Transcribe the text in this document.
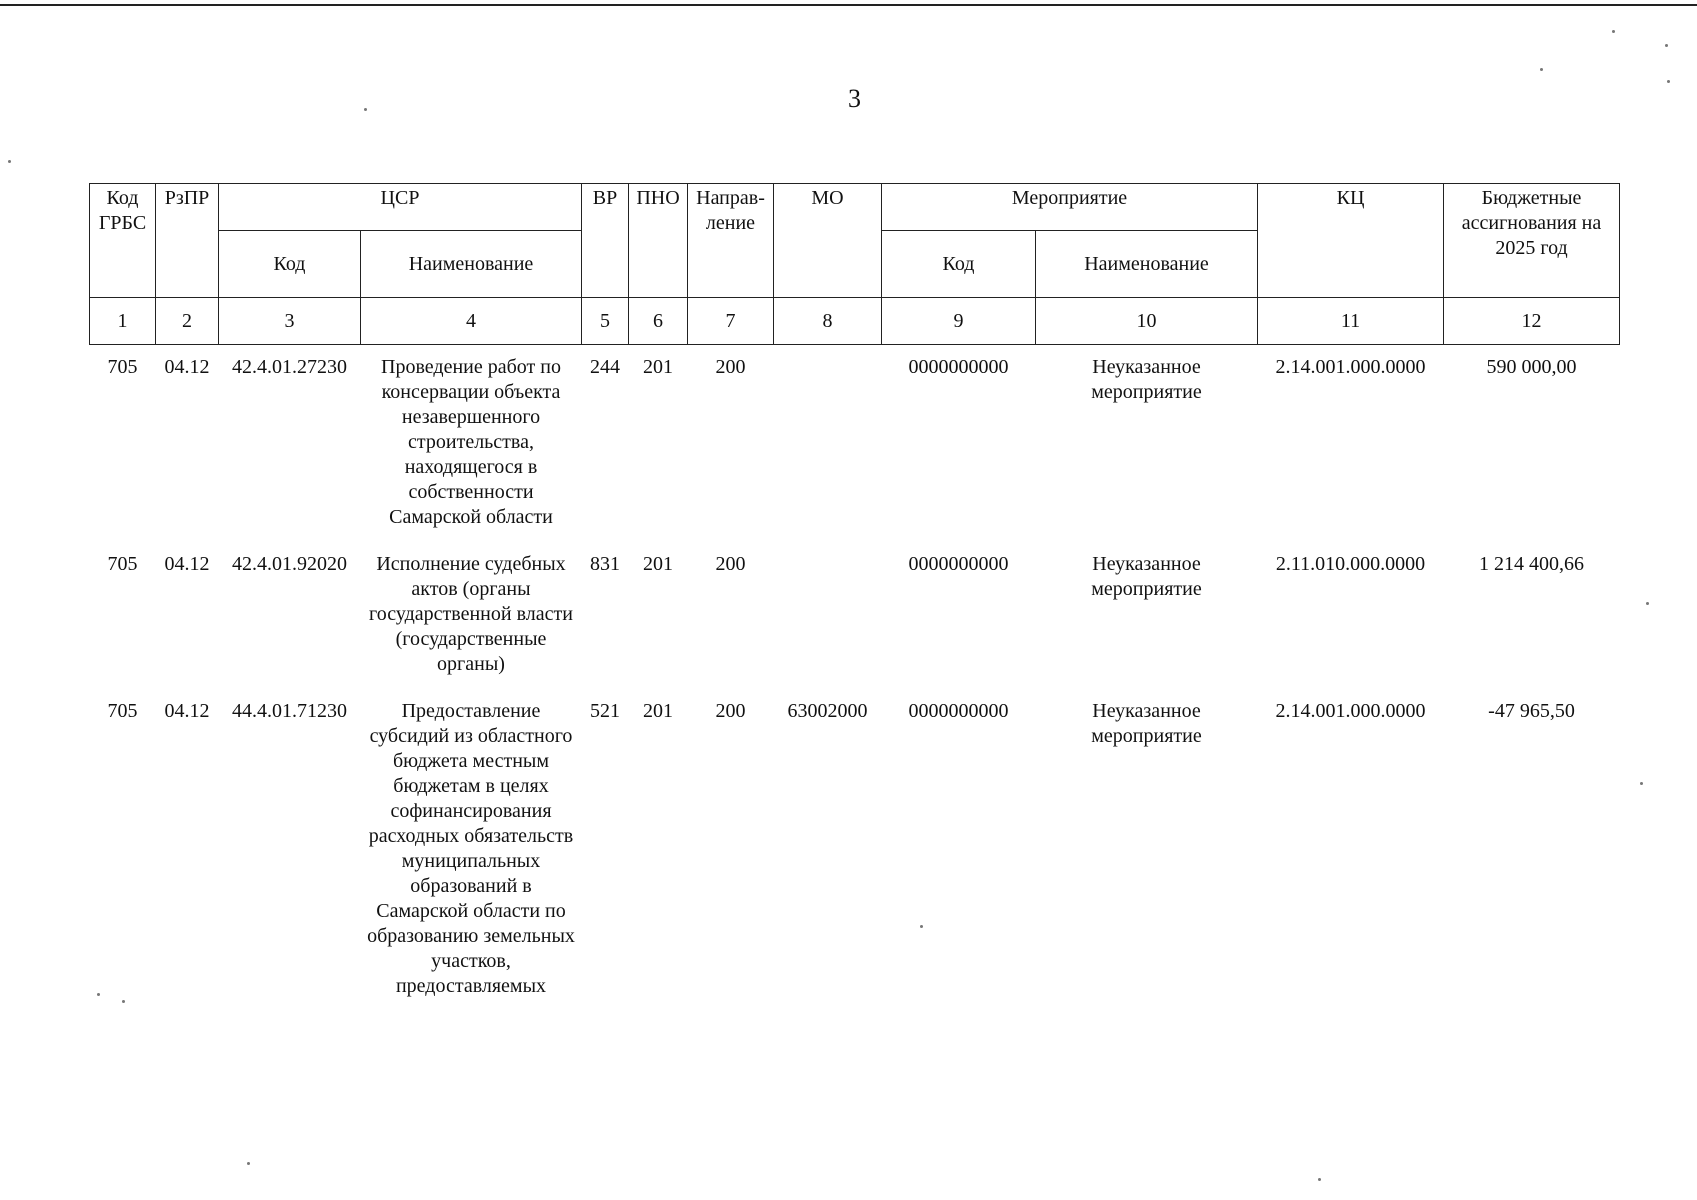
3
Код ГРБС	РзПР	ЦСР		ВР	ПНО	Направ-ление	МО	Мероприятие		КЦ	Бюджетные ассигнования на 2025 год
		Код	Наименование					Код	Наименование		
1	2	3	4	5	6	7	8	9	10	11	12
705	04.12	42.4.01.27230	Проведение работ по консервации объекта незавершенного строительства, находящегося в собственности Самарской области	244	201	200		0000000000	Неуказанное мероприятие	2.14.001.000.0000	590 000,00
705	04.12	42.4.01.92020	Исполнение судебных актов (органы государственной власти (государственные органы)	831	201	200		0000000000	Неуказанное мероприятие	2.11.010.000.0000	1 214 400,66
705	04.12	44.4.01.71230	Предоставление субсидий из областного бюджета местным бюджетам в целях софинансирования расходных обязательств муниципальных образований в Самарской области по образованию земельных участков, предоставляемых	521	201	200	63002000	0000000000	Неуказанное мероприятие	2.14.001.000.0000	-47 965,50
